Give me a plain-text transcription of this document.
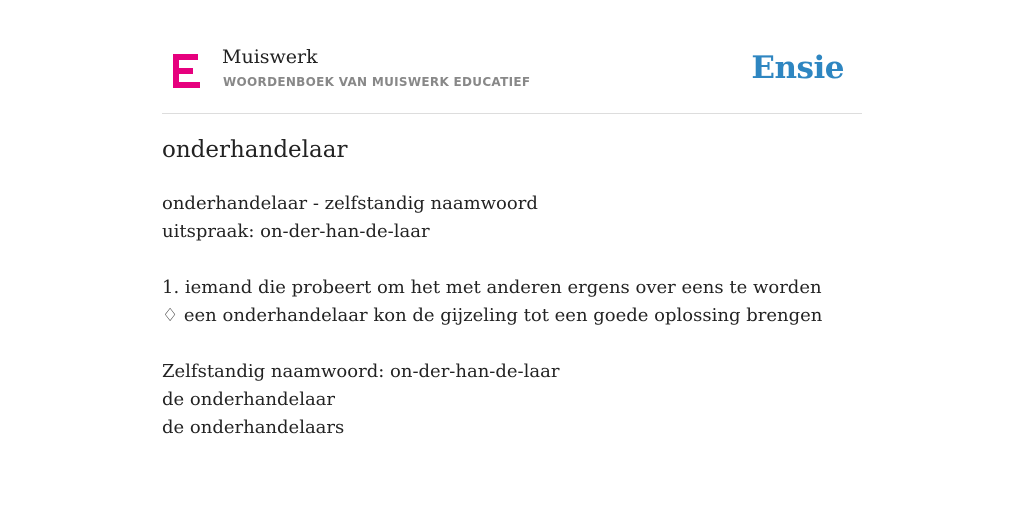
Muiswerk
WOORDENBOEK VAN MUISWERK EDUCATIEF	Ensie
onderhandelaar
onderhandelaar - zelfstandig naamwoord
uitspraak: on-der-han-de-laar
1. iemand die probeert om het met anderen ergens over eens te worden
♢ een onderhandelaar kon de gijzeling tot een goede oplossing brengen
Zelfstandig naamwoord: on-der-han-de-laar
de onderhandelaar
de onderhandelaars
